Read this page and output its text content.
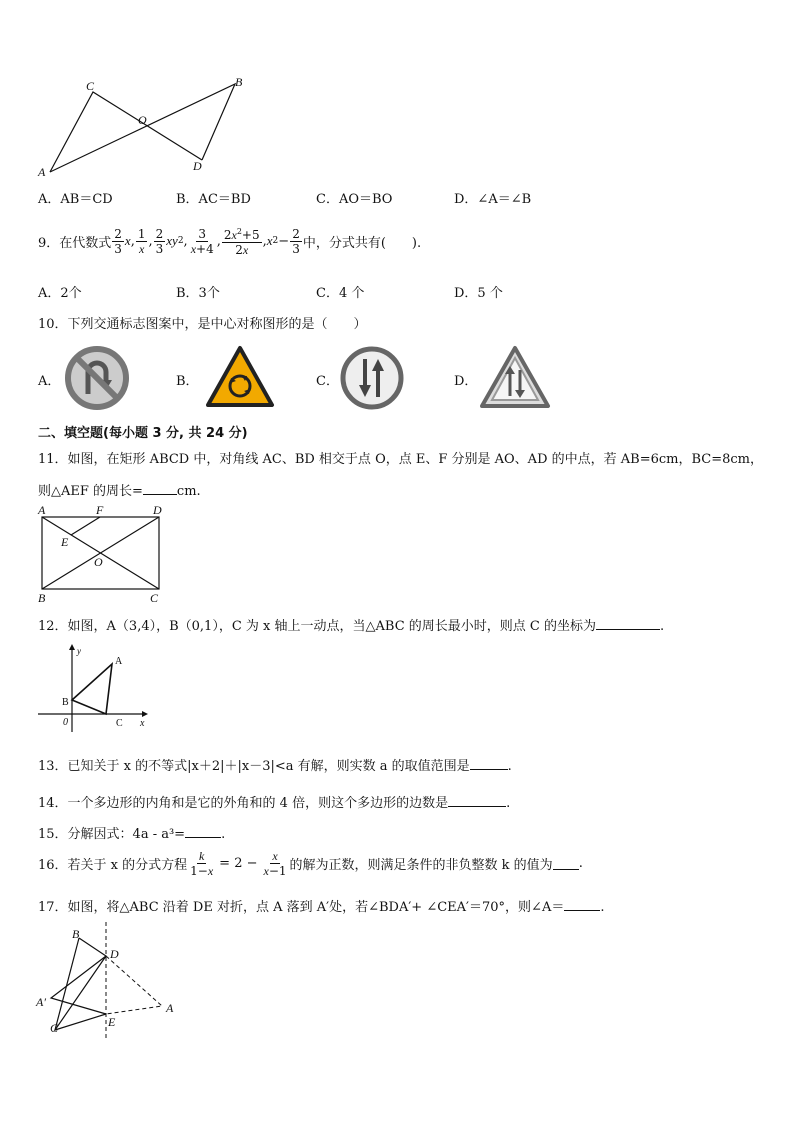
C	B
O
D
A
A．AB＝CD	B．AC＝BD	C．AO＝BO	D．∠A＝∠B
9．在代数式 $\frac{2}{3}$ x , $\frac{1}{x}$ , $\frac{2}{3}$ xy 2 , $\frac{3}{x+4}$ , $\frac{2x^2+5}{2x}$ , x $2 - \frac{2}{3}$ 中，分式共有(　　).
A．2个	B．3个	C．4 个	D．5 个
10．下列交通标志图案中，是中心对称图形的是（　　）
A．	B．	C．	D．
二、填空题(每小题 3 分, 共 24 分)
11．如图，在矩形 ABCD 中，对角线 AC、BD 相交于点 O，点 E、F 分别是 AO、AD 的中点，若 AB=6cm，BC=8cm，
则△AEF 的周长=	cm.
A	F	D
E
O
B	C
12．如图，A（3,4），B（0,1），C 为 x 轴上一动点，当△ABC 的周长最小时，则点 C 的坐标为	.
y
A
B
0	C x
13．已知关于 x 的不等式|x＋2|＋|x－3|<a 有解，则实数 a 的取值范围是	.
14．一个多边形的内角和是它的外角和的 4 倍，则这个多边形的边数是	.
15．分解因式：4a - a³=	.
16．若关于 x 的分式方程 $\frac{k}{1-x} = 2 - \frac{x}{x-1}$ 的解为正数，则满足条件的非负整数 k 的值为 .
17．如图，将△ABC 沿着 DE 对折，点 A 落到 A′处，若∠BDA′+ ∠CEA′＝70°，则∠A＝	.
B
D
A′	A
C	E
